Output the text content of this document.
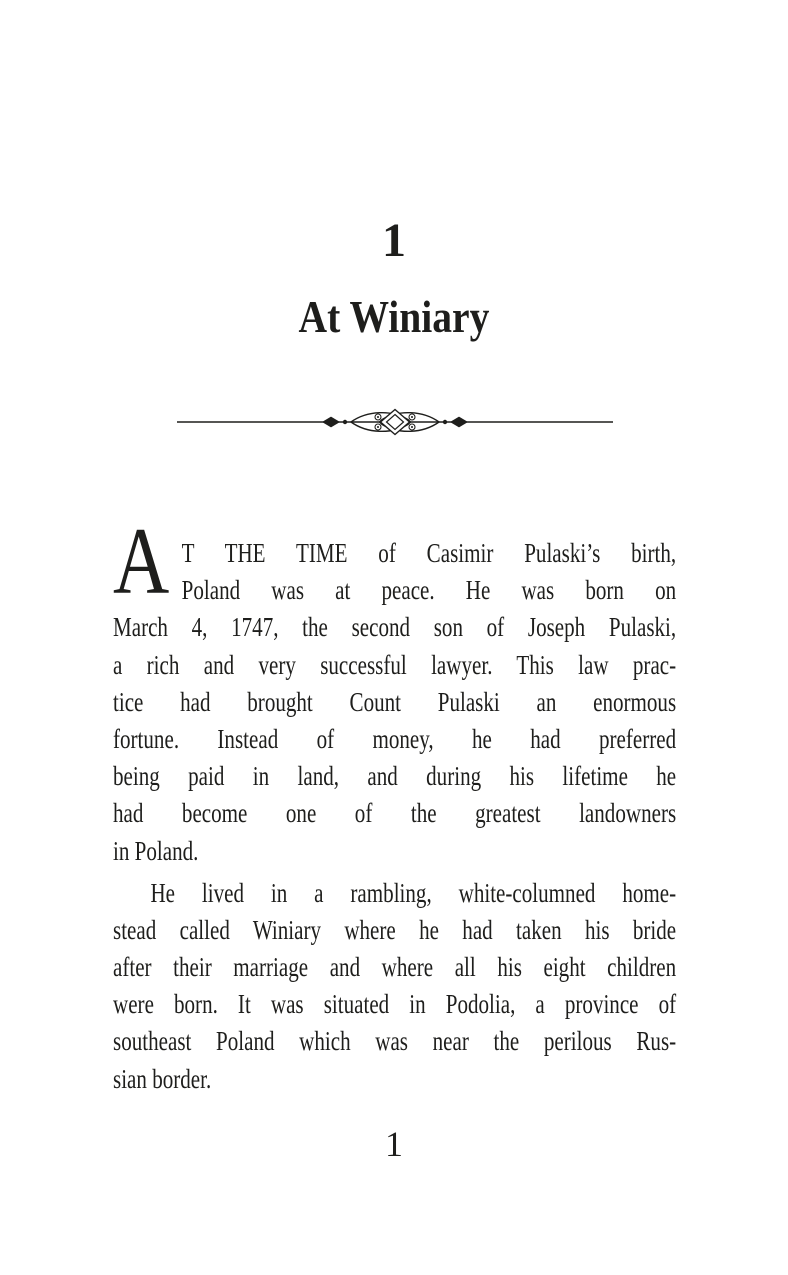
1
At Winiary
A T THE TIME of Casimir Pulaski’s birth,
Poland was at peace. He was born on
March 4, 1747, the second son of Joseph Pulaski,
a rich and very successful lawyer. This law prac-
tice had brought Count Pulaski an enormous
fortune. Instead of money, he had preferred
being paid in land, and during his lifetime he
had become one of the greatest landowners
in Poland.
He lived in a rambling, white-columned home-
stead called Winiary where he had taken his bride
after their marriage and where all his eight children
were born. It was situated in Podolia, a province of
southeast Poland which was near the perilous Rus-
sian border.
1
